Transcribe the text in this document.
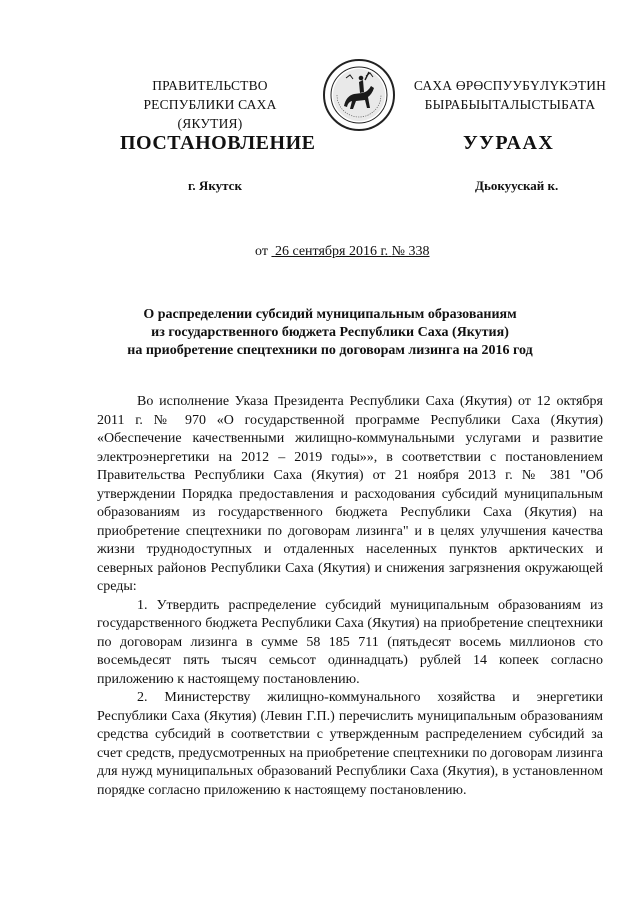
ПРАВИТЕЛЬСТВО
РЕСПУБЛИКИ САХА (ЯКУТИЯ)
САХА ӨРӨСПУУБҮЛҮКЭТИН
БЫРАБЫЫТАЛЫСТЫБАТА
ПОСТАНОВЛЕНИЕ	УУРААХ
г. Якутск	Дьокуускай к.
от 26 сентября 2016 г. № 338
О распределении субсидий муниципальным образованиям
из государственного бюджета Республики Саха (Якутия)
на приобретение спецтехники по договорам лизинга на 2016 год

Во исполнение Указа Президента Республики Саха (Якутия) от 12 октября 2011 г. № 970 «О государственной программе Республики Саха (Якутия) «Обеспечение качественными жилищно-коммунальными услугами и развитие электроэнергетики на 2012 – 2019 годы»», в соответствии с постановлением Правительства Республики Саха (Якутия) от 21 ноября 2013 г. № 381 "Об утверждении Порядка предоставления и расходования субсидий муниципальным образованиям из государственного бюджета Республики Саха (Якутия) на приобретение спецтехники по договорам лизинга" и в целях улучшения качества жизни труднодоступных и отдаленных населенных пунктов арктических и северных районов Республики Саха (Якутия) и снижения загрязнения окружающей среды:

1. Утвердить распределение субсидий муниципальным образованиям из государственного бюджета Республики Саха (Якутия) на приобретение спецтехники по договорам лизинга в сумме 58 185 711 (пятьдесят восемь миллионов сто восемьдесят пять тысяч семьсот одиннадцать) рублей 14 копеек согласно приложению к настоящему постановлению.

2. Министерству жилищно-коммунального хозяйства и энергетики Республики Саха (Якутия) (Левин Г.П.) перечислить муниципальным образованиям средства субсидий в соответствии с утвержденным распределением субсидий за счет средств, предусмотренных на приобретение спецтехники по договорам лизинга для нужд муниципальных образований Республики Саха (Якутия), в установленном порядке согласно приложению к настоящему постановлению.
